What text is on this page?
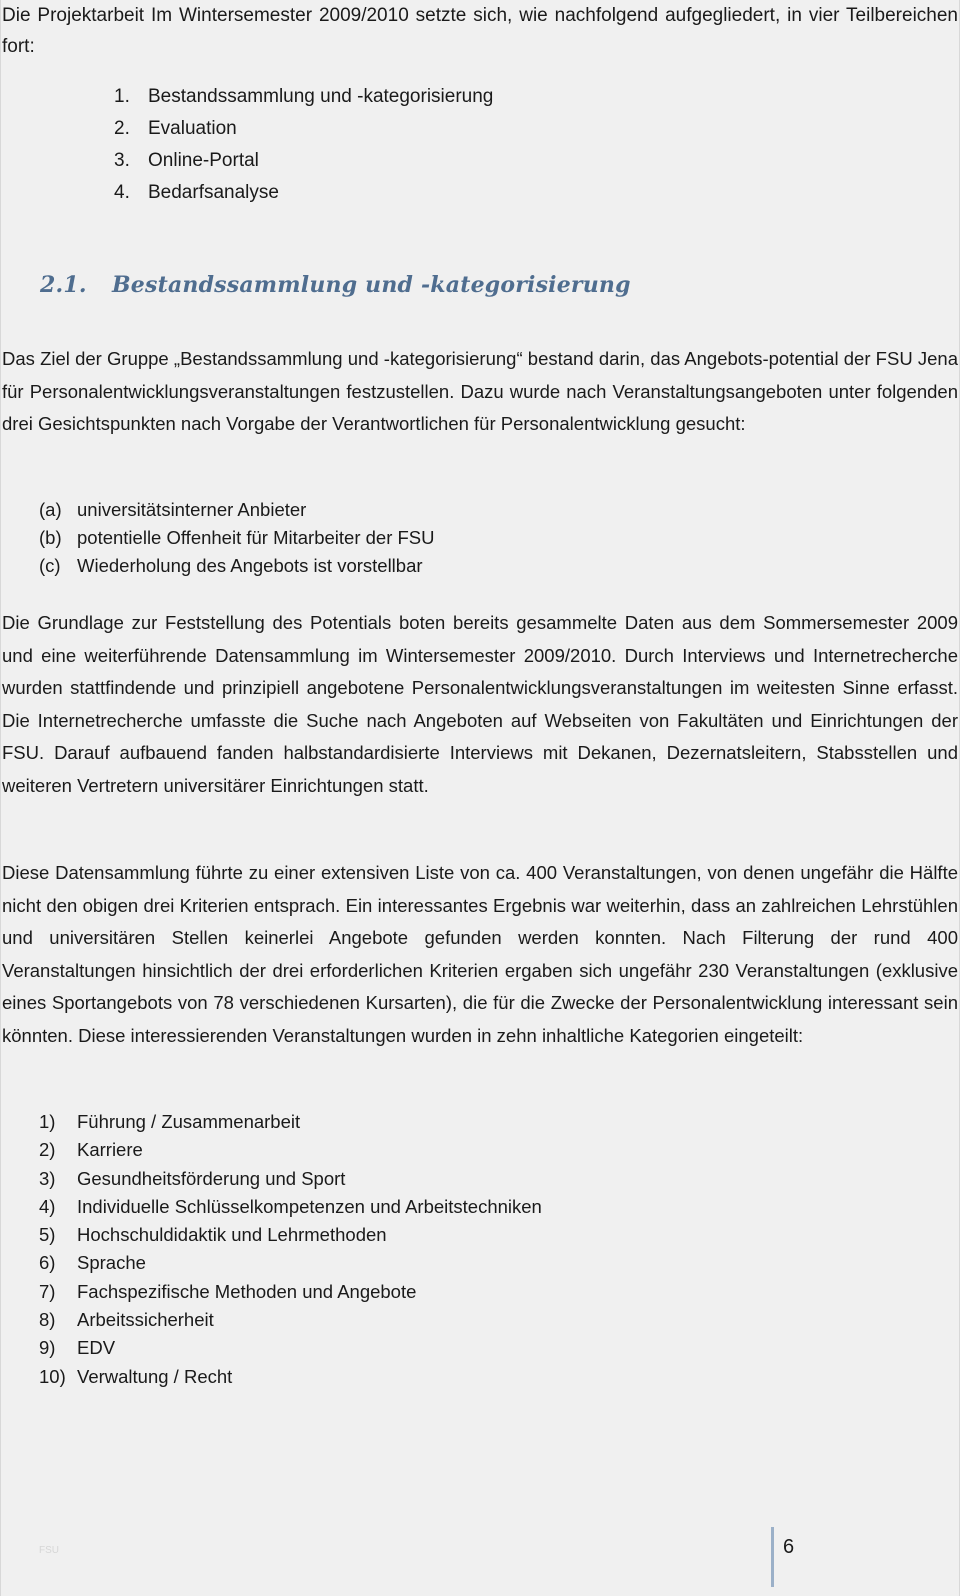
Die Projektarbeit Im Wintersemester 2009/2010 setzte sich, wie nachfolgend aufgegliedert, in vier Teilbereichen fort:

1. Bestandssammlung und -kategorisierung
2. Evaluation
3. Online-Portal
4. Bedarfsanalyse
2.1. Bestandssammlung und -kategorisierung

Das Ziel der Gruppe „Bestandssammlung und -kategorisierung“ bestand darin, das Angebots-potential der FSU Jena für Personalentwicklungsveranstaltungen festzustellen. Dazu wurde nach Veranstaltungsangeboten unter folgenden drei Gesichtspunkten nach Vorgabe der Verantwortlichen für Personalentwicklung gesucht:

(a) universitätsinterner Anbieter
(b) potentielle Offenheit für Mitarbeiter der FSU
(c) Wiederholung des Angebots ist vorstellbar

Die Grundlage zur Feststellung des Potentials boten bereits gesammelte Daten aus dem Sommersemester 2009 und eine weiterführende Datensammlung im Wintersemester 2009/2010. Durch Interviews und Internetrecherche wurden stattfindende und prinzipiell angebotene Personalentwicklungsveranstaltungen im weitesten Sinne erfasst. Die Internetrecherche umfasste die Suche nach Angeboten auf Webseiten von Fakultäten und Einrichtungen der FSU. Darauf aufbauend fanden halbstandardisierte Interviews mit Dekanen, Dezernatsleitern, Stabsstellen und weiteren Vertretern universitärer Einrichtungen statt.

Diese Datensammlung führte zu einer extensiven Liste von ca. 400 Veranstaltungen, von denen ungefähr die Hälfte nicht den obigen drei Kriterien entsprach. Ein interessantes Ergebnis war weiterhin, dass an zahlreichen Lehrstühlen und universitären Stellen keinerlei Angebote gefunden werden konnten. Nach Filterung der rund 400 Veranstaltungen hinsichtlich der drei erforderlichen Kriterien ergaben sich ungefähr 230 Veranstaltungen (exklusive eines Sportangebots von 78 verschiedenen Kursarten), die für die Zwecke der Personalentwicklung interessant sein könnten. Diese interessierenden Veranstaltungen wurden in zehn inhaltliche Kategorien eingeteilt:

1)	Führung / Zusammenarbeit
2)	Karriere
3)	Gesundheitsförderung und Sport
4)	Individuelle Schlüsselkompetenzen und Arbeitstechniken
5)	Hochschuldidaktik und Lehrmethoden
6)	Sprache
7)	Fachspezifische Methoden und Angebote
8)	Arbeitssicherheit
9)	EDV
10) Verwaltung / Recht
FSU	6
